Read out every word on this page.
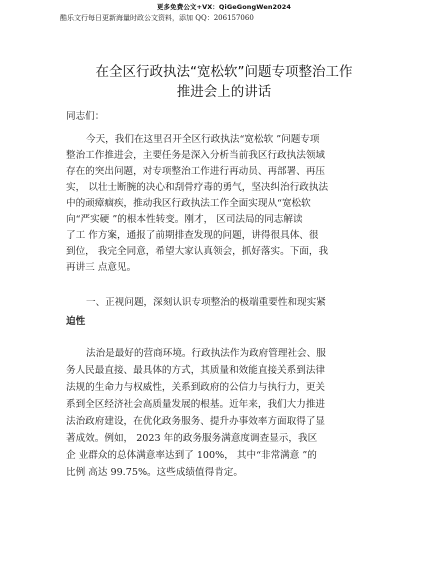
更多免费公文+VX：QiGeGongWen2024
酷乐文行每日更新海量时政公文资料，添加 QQ：206157060
在全区行政执法“宽松软”问题专项整治工作
推进会上的讲话
同志们：
今天，我们在这里召开全区行政执法“宽松软 ”问题专项
整治工作推进会，主要任务是深入分析当前我区行政执法领域
存在的突出问题，对专项整治工作进行再动员、再部署、再压
实， 以壮士断腕的决心和刮骨疗毒的勇气，坚决纠治行政执法
中的顽瘴痼疾，推动我区行政执法工作全面实现从“宽松软
向“严实硬 ”的根本性转变。刚才， 区司法局的同志解读
了工 作方案，通报了前期排查发现的问题，讲得很具体、很
到位， 我完全同意，希望大家认真领会，抓好落实。下面，我
再讲三 点意见。
一、正视问题，深刻认识专项整治的极端重要性和现实紧
迫性
法治是最好的营商环境。行政执法作为政府管理社会、服
务人民最直接、最具体的方式，其质量和效能直接关系到法律
法规的生命力与权威性，关系到政府的公信力与执行力，更关
系到全区经济社会高质量发展的根基。近年来，我们大力推进
法治政府建设，在优化政务服务、提升办事效率方面取得了显
著成效。例如， 2023 年的政务服务满意度调查显示，我区
企 业群众的总体满意率达到了 100%， 其中“非常满意 ”的
比例 高达 99.75%。这些成绩值得肯定。
